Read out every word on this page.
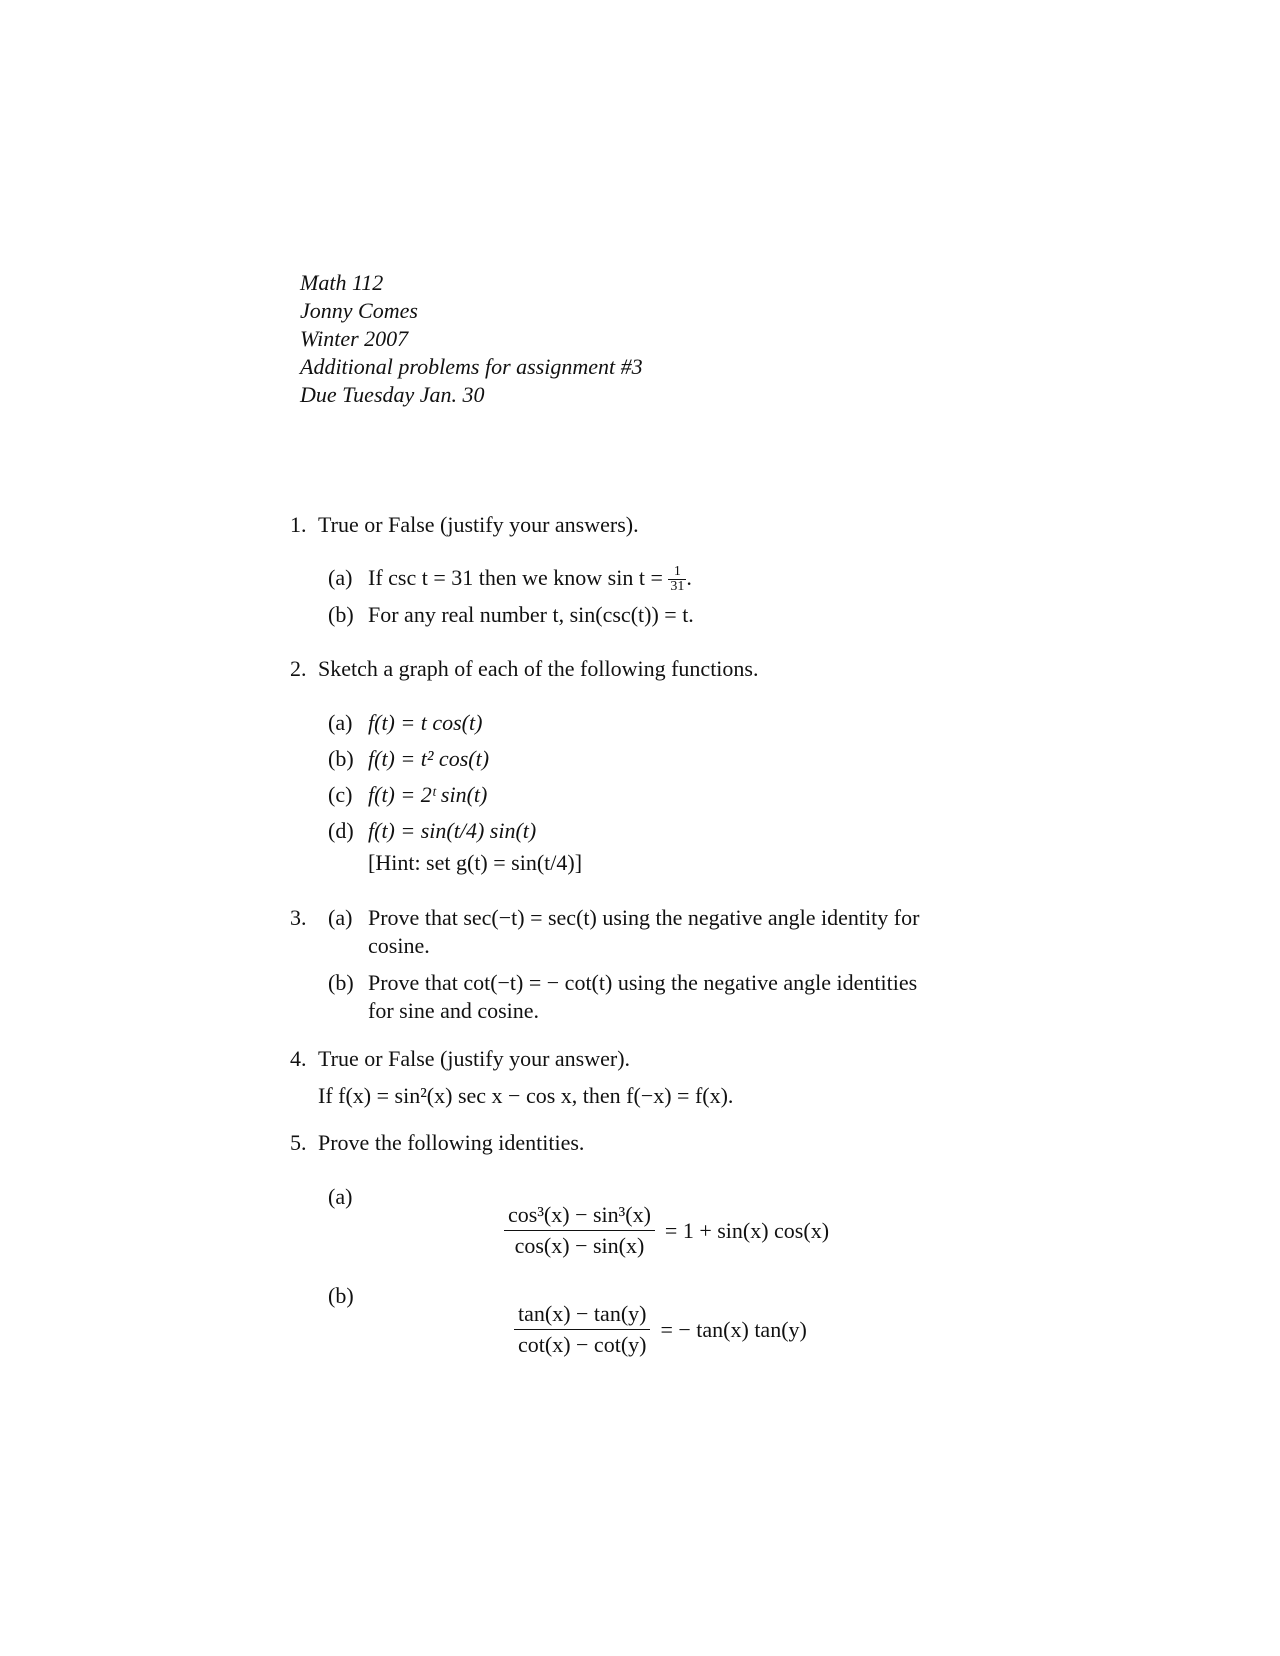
Math 112
Jonny Comes
Winter 2007
Additional problems for assignment #3
Due Tuesday Jan. 30
1. True or False (justify your answers).
(a) If csc t = 31 then we know $\sin t = \frac{1}{31}$ .
(b) For any real number t, sin(csc(t)) = t.
2. Sketch a graph of each of the following functions.
(a) f(t) = t cos(t)
(b) f(t) = t² cos(t)
(c) f(t) = 2ᵗ sin(t)
(d) f(t) = sin(t/4) sin(t)
[Hint: set g(t) = sin(t/4)]
3. (a) Prove that sec(−t) = sec(t) using the negative angle identity for
cosine.
(b) Prove that cot(−t) = − cot(t) using the negative angle identities
for sine and cosine.
4. True or False (justify your answer).
If f(x) = sin²(x) sec x − cos x, then f(−x) = f(x).
5. Prove the following identities.
(a)
$\frac{\text{cos³(x) − sin³(x)}}{\cos(x) - \sin(x)} = 1 + \sin(x)$ cos(x)
(b)
$\frac{\tan(x) - \tan(y)}{\cot(x) - \cot(y)}$ = − tan(x) tan(y)
